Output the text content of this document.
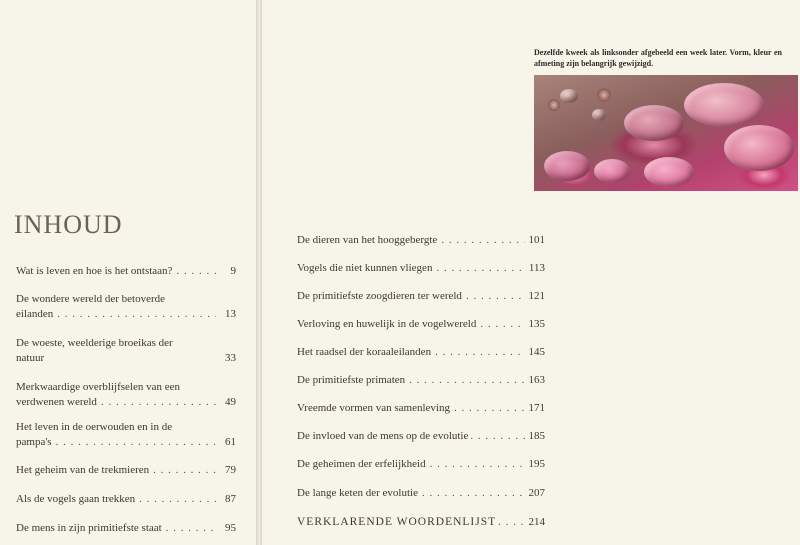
INHOUD
Wat is leven en hoe is het ontstaan? . . .	9
De wondere wereld der betoverde
eilanden . . .	13
De woeste, weelderige broeikas der
natuur	33
Merkwaardige overblijfselen van een
verdwenen wereld . . .	49
Het leven in de oerwouden en in de
pampa's . . .	61
Het geheim van de trekmieren . . .	79
Als de vogels gaan trekken . . .	87
De mens in zijn primitiefste staat . . .	95
Dezelfde kweek als linksonder afgebeeld een week later. Vorm, kleur en afmeting zijn belangrijk gewijzigd.
De dieren van het hooggebergte . . .	101
Vogels die niet kunnen vliegen . . .	113
De primitiefste zoogdieren ter wereld . . .	121
Verloving en huwelijk in de vogelwereld . . .	135
Het raadsel der koraaleilanden . . .	145
De primitiefste primaten . . .	163
Vreemde vormen van samenleving . . .	171
De invloed van de mens op de evolutie . . .	185
De geheimen der erfelijkheid . . .	195
De lange keten der evolutie . . .	207
VERKLARENDE WOORDENLIJST . . .	214
